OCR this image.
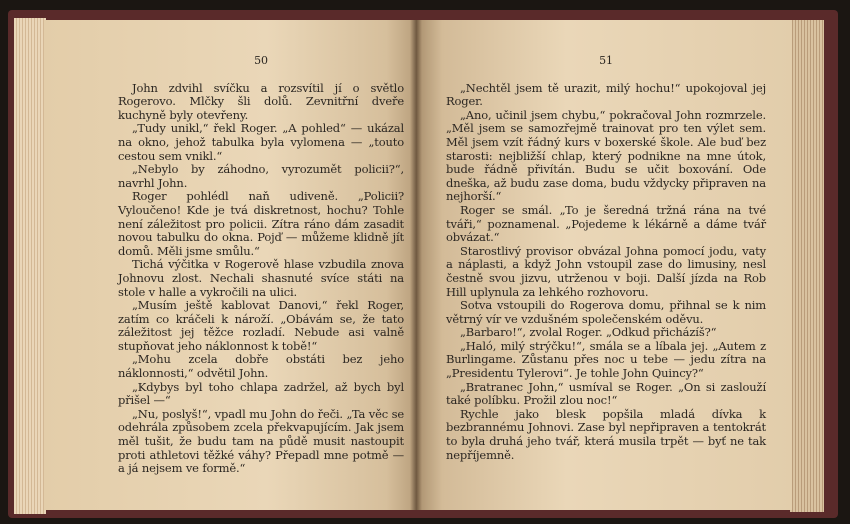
50

John zdvihl svíčku a rozsvítil jí o světlo Rogerovo. Mlčky šli dolů. Zevnitřní dveře kuchyně byly otevřeny.

„Tudy unikl,“ řekl Roger. „A pohled“ — ukázal na okno, jehož tabulka byla vylomena — „touto cestou sem vnikl.“

„Nebylo by záhodno, vyrozumět policii?“, navrhl John.

Roger pohlédl naň udiveně. „Policii? Vyloučeno! Kde je tvá diskretnost, hochu? Tohle není záležitost pro policii. Zítra ráno dám zasadit novou tabulku do okna. Pojď — můžeme klidně jít domů. Měli jsme smůlu.“

Tichá výčitka v Rogerově hlase vzbudila znova Johnovu zlost. Nechali shasnuté svíce státi na stole v halle a vykročili na ulici.

„Musím ještě kablovat Danovi,“ řekl Roger, zatím co kráčeli k nároží. „Obávám se, že tato záležitost jej těžce rozladí. Nebude asi valně stupňovat jeho náklonnost k tobě!“

„Mohu zcela dobře obstáti bez jeho náklonnosti,“ odvětil John.

„Kdybys byl toho chlapa zadržel, až bych byl přišel —“

„Nu, poslyš!“, vpadl mu John do řeči. „Ta věc se odehrála způsobem zcela překvapujícím. Jak jsem měl tušit, že budu tam na půdě musit nastoupit proti athletovi těžké váhy? Přepadl mne potmě — a já nejsem ve formě.“

51

„Nechtěl jsem tě urazit, milý hochu!“ upokojoval jej Roger.

„Ano, učinil jsem chybu,“ pokračoval John rozmrzele. „Měl jsem se samozřejmě trainovat pro ten výlet sem. Měl jsem vzít řádný kurs v boxerské škole. Ale buď bez starosti: nejbližší chlap, který podnikne na mne útok, bude řádně přivítán. Budu se učit boxování. Ode dneška, až budu zase doma, budu vždycky připraven na nejhorší.“

Roger se smál. „To je šeredná tržná rána na tvé tváři,“ poznamenal. „Pojedeme k lékárně a dáme tvář obvázat.“

Starostlivý provisor obvázal Johna pomocí jodu, vaty a náplasti, a když John vstoupil zase do limusiny, nesl čestně svou jizvu, utrženou v boji. Další jízda na Rob Hill uplynula za lehkého rozhovoru.

Sotva vstoupili do Rogerova domu, přihnal se k nim větrný vír ve vzdušném společenském oděvu.

„Barbaro!“, zvolal Roger. „Odkud přicházíš?“

„Haló, milý strýčku!“, smála se a líbala jej. „Autem z Burlingame. Zůstanu přes noc u tebe — jedu zítra na „Presidentu Tylerovi“. Je tohle John Quincy?“

„Bratranec John,“ usmíval se Roger. „On si zaslouží také políbku. Prožil zlou noc!“

Rychle jako blesk popšila mladá dívka k bezbrannému Johnovi. Zase byl nepřipraven a tentokrát to byla druhá jeho tvář, která musila trpět — byť ne tak nepříjemně.
